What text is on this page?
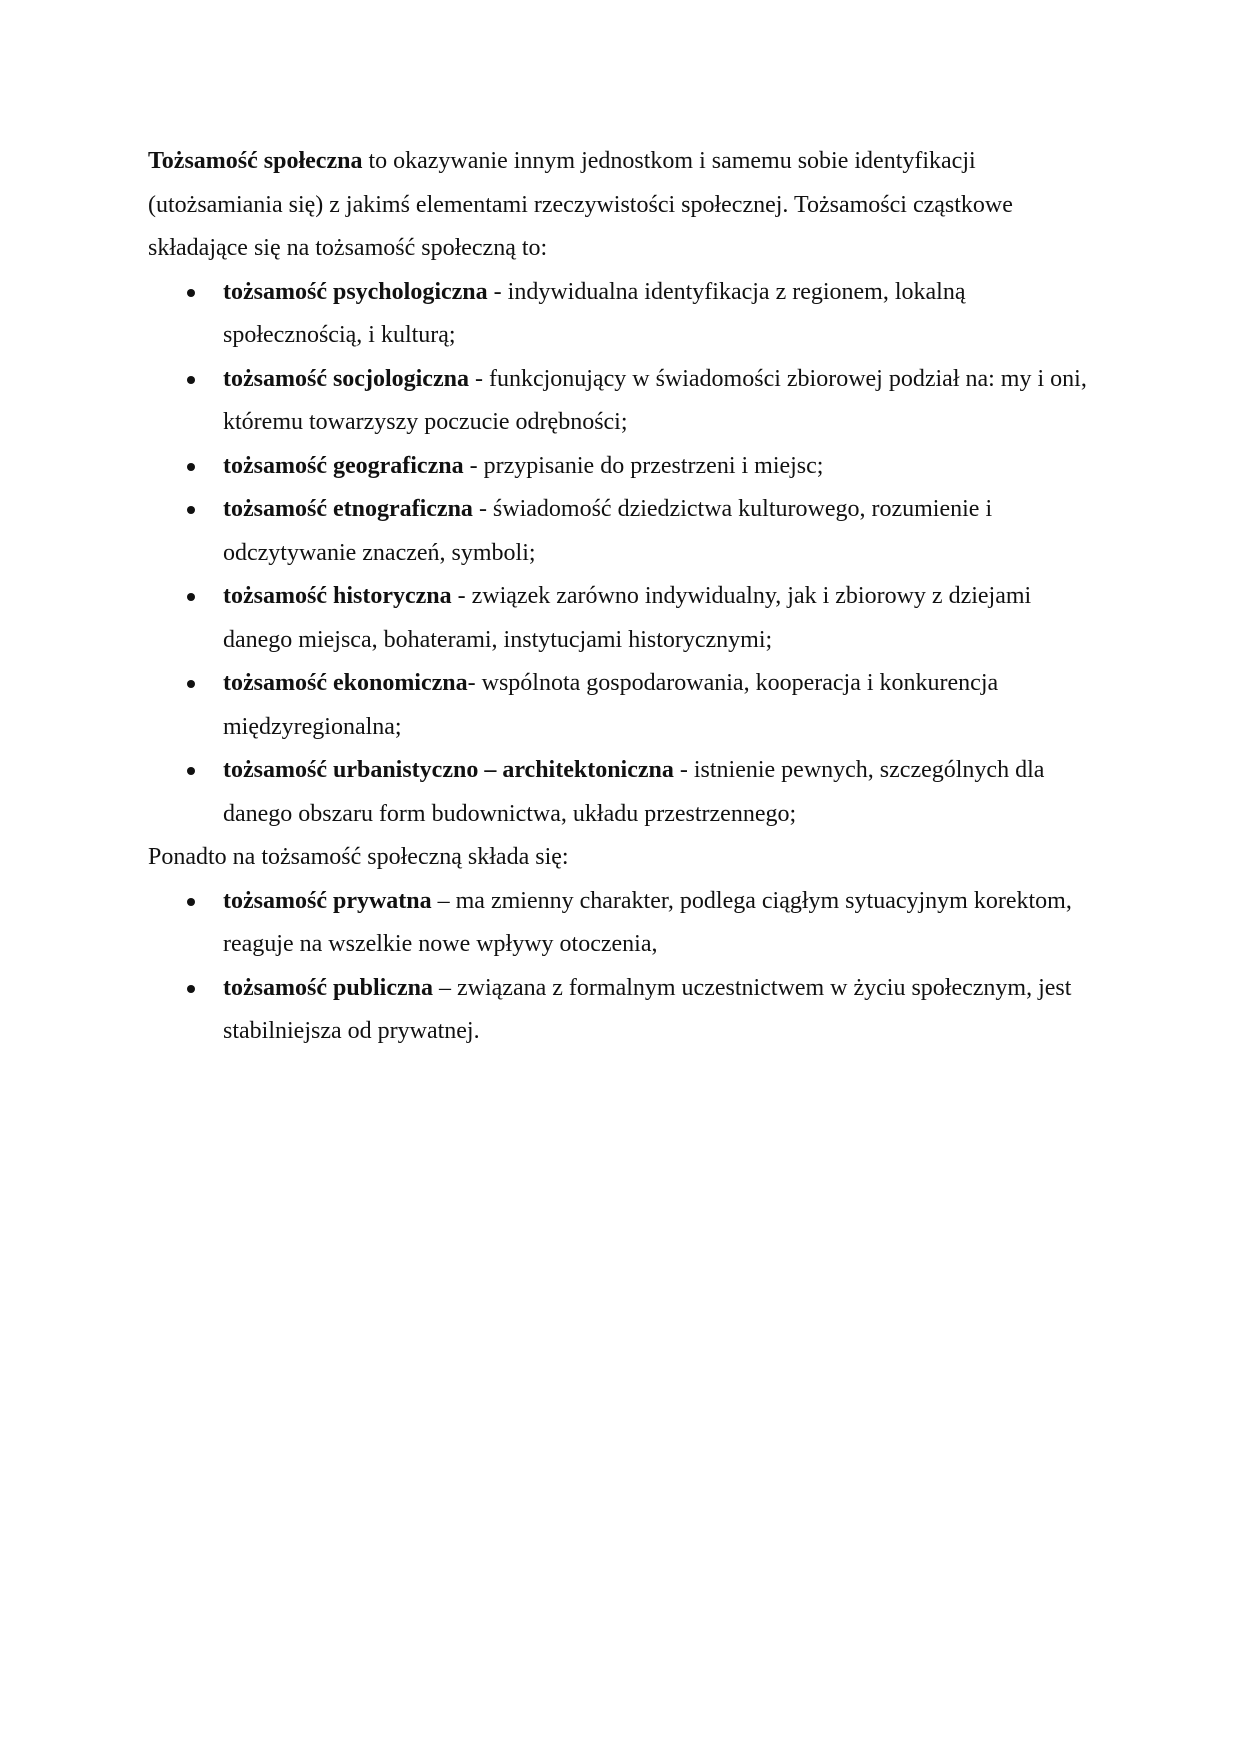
Tożsamość społeczna to okazywanie innym jednostkom i samemu sobie identyfikacji (utożsamiania się) z jakimś elementami rzeczywistości społecznej. Tożsamości cząstkowe składające się na tożsamość społeczną to:

tożsamość psychologiczna - indywidualna identyfikacja z regionem, lokalną społecznością, i kulturą;
tożsamość socjologiczna - funkcjonujący w świadomości zbiorowej podział na: my i oni, któremu towarzyszy poczucie odrębności;
tożsamość geograficzna - przypisanie do przestrzeni i miejsc;
tożsamość etnograficzna - świadomość dziedzictwa kulturowego, rozumienie i odczytywanie znaczeń, symboli;
tożsamość historyczna - związek zarówno indywidualny, jak i zbiorowy z dziejami danego miejsca, bohaterami, instytucjami historycznymi;
tożsamość ekonomiczna- wspólnota gospodarowania, kooperacja i konkurencja międzyregionalna;
tożsamość urbanistyczno – architektoniczna - istnienie pewnych, szczególnych dla danego obszaru form budownictwa, układu przestrzennego;

Ponadto na tożsamość społeczną składa się:

tożsamość prywatna – ma zmienny charakter, podlega ciągłym sytuacyjnym korektom, reaguje na wszelkie nowe wpływy otoczenia,
tożsamość publiczna – związana z formalnym uczestnictwem w życiu społecznym, jest stabilniejsza od prywatnej.
